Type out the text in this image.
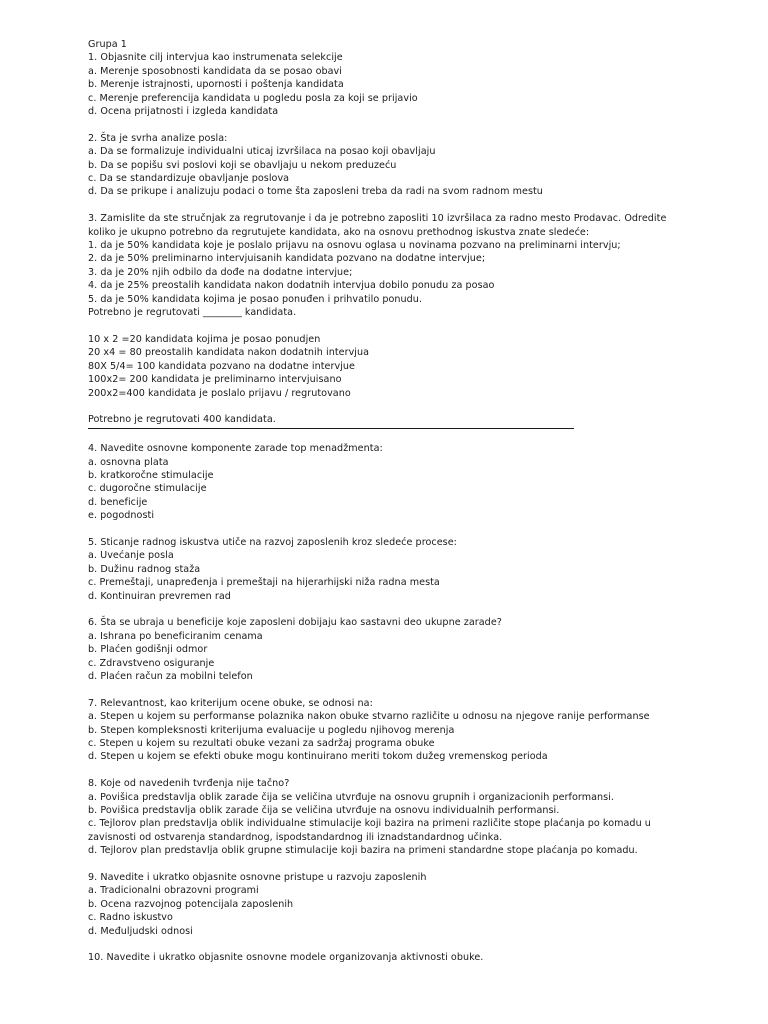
Grupa 1
1. Objasnite cilj intervjua kao instrumenata selekcije
a. Merenje sposobnosti kandidata da se posao obavi
b. Merenje istrajnosti, upornosti i poštenja kandidata
c. Merenje preferencija kandidata u pogledu posla za koji se prijavio
d. Ocena prijatnosti i izgleda kandidata
2. Šta je svrha analize posla:
a. Da se formalizuje individualni uticaj izvršilaca na posao koji obavljaju
b. Da se popišu svi poslovi koji se obavljaju u nekom preduzeću
c. Da se standardizuje obavljanje poslova
d. Da se prikupe i analizuju podaci o tome šta zaposleni treba da radi na svom radnom mestu
3. Zamislite da ste stručnjak za regrutovanje i da je potrebno zaposliti 10 izvršilaca za radno mesto Prodavac. Odredite
koliko je ukupno potrebno da regrutujete kandidata, ako na osnovu prethodnog iskustva znate sledeće:
1. da je 50% kandidata koje je poslalo prijavu na osnovu oglasa u novinama pozvano na preliminarni intervju;
2. da je 50% preliminarno intervjuisanih kandidata pozvano na dodatne intervjue;
3. da je 20% njih odbilo da dođe na dodatne intervjue;
4. da je 25% preostalih kandidata nakon dodatnih intervjua dobilo ponudu za posao
5. da je 50% kandidata kojima je posao ponuđen i prihvatilo ponudu.
Potrebno je regrutovati ________ kandidata.
10 x 2 =20 kandidata kojima je posao ponudjen
20 x4 = 80 preostalih kandidata nakon dodatnih intervjua
80X 5/4= 100 kandidata pozvano na dodatne intervjue
100x2= 200 kandidata je preliminarno intervjuisano
200x2=400 kandidata je poslalo prijavu / regrutovano
Potrebno je regrutovati 400 kandidata.
4. Navedite osnovne komponente zarade top menadžmenta:
a. osnovna plata
b. kratkoročne stimulacije
c. dugoročne stimulacije
d. beneficije
e. pogodnosti
5. Sticanje radnog iskustva utiče na razvoj zaposlenih kroz sledeće procese:
a. Uvećanje posla
b. Dužinu radnog staža
c. Premeštaji, unapređenja i premeštaji na hijerarhijski niža radna mesta
d. Kontinuiran prevremen rad
6. Šta se ubraja u beneficije koje zaposleni dobijaju kao sastavni deo ukupne zarade?
a. Ishrana po beneficiranim cenama
b. Plaćen godišnji odmor
c. Zdravstveno osiguranje
d. Plaćen račun za mobilni telefon
7. Relevantnost, kao kriterijum ocene obuke, se odnosi na:
a. Stepen u kojem su performanse polaznika nakon obuke stvarno različite u odnosu na njegove ranije performanse
b. Stepen kompleksnosti kriterijuma evaluacije u pogledu njihovog merenja
c. Stepen u kojem su rezultati obuke vezani za sadržaj programa obuke
d. Stepen u kojem se efekti obuke mogu kontinuirano meriti tokom dužeg vremenskog perioda
8. Koje od navedenih tvrđenja nije tačno?
a. Povišica predstavlja oblik zarade čija se veličina utvrđuje na osnovu grupnih i organizacionih performansi.
b. Povišica predstavlja oblik zarade čija se veličina utvrđuje na osnovu individualnih performansi.
c. Tejlorov plan predstavlja oblik individualne stimulacije koji bazira na primeni različite stope plaćanja po komadu u
zavisnosti od ostvarenja standardnog, ispodstandardnog ili iznadstandardnog učinka.
d. Tejlorov plan predstavlja oblik grupne stimulacije koji bazira na primeni standardne stope plaćanja po komadu.
9. Navedite i ukratko objasnite osnovne pristupe u razvoju zaposlenih
a. Tradicionalni obrazovni programi
b. Ocena razvojnog potencijala zaposlenih
c. Radno iskustvo
d. Međuljudski odnosi
10. Navedite i ukratko objasnite osnovne modele organizovanja aktivnosti obuke.
